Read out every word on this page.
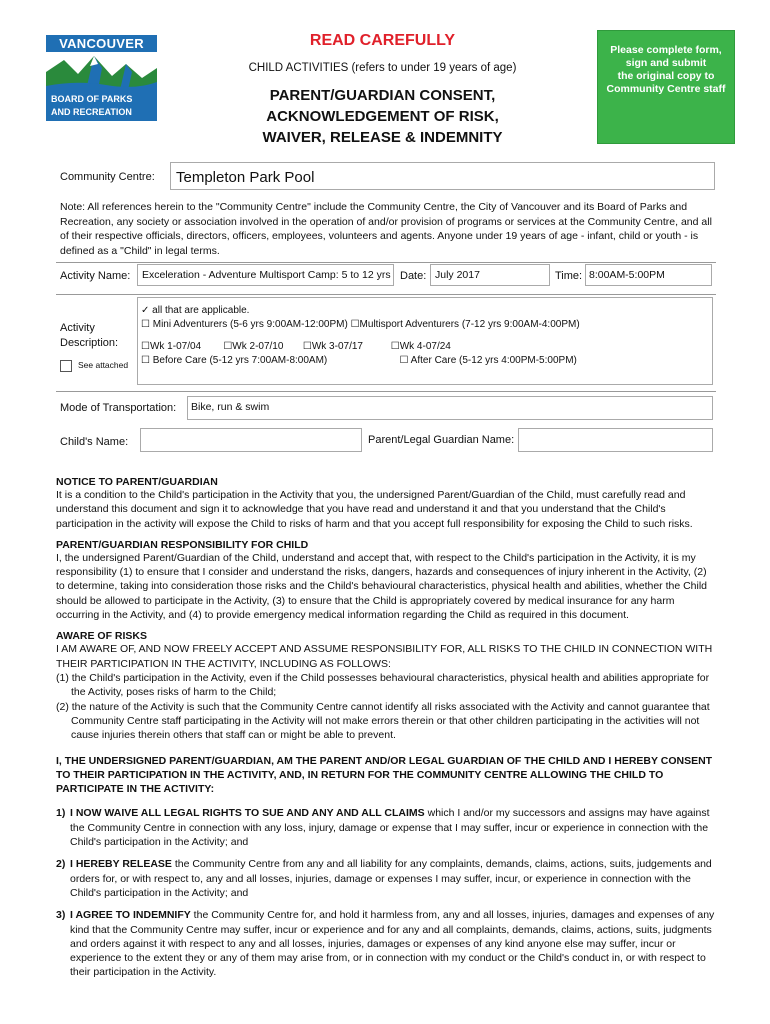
VANCOUVER
BOARD OF PARKS
AND RECREATION
READ CAREFULLY
CHILD ACTIVITIES (refers to under 19 years of age)
PARENT/GUARDIAN CONSENT,
ACKNOWLEDGEMENT OF RISK,
WAIVER, RELEASE & INDEMNITY
Please complete form,
sign and submit
the original copy to
Community Centre staff
Community Centre:	Templeton Park Pool
Note: All references herein to the "Community Centre" include the Community Centre, the City of Vancouver and its Board of Parks and Recreation, any society or association involved in the operation of and/or provision of programs or services at the Community Centre, and all of their respective officials, directors, officers, employees, volunteers and agents. Anyone under 19 years of age - infant, child or youth - is defined as a "Child" in legal terms.
Activity Name:	Exceleration - Adventure Multisport Camp: 5 to 12 yrs Date: July 2017	Time: 8:00AM-5:00PM
Activity
Description:
See attached
✓ all that are applicable.
☐ Mini Adventurers (5-6 yrs 9:00AM-12:00PM) ☐Multisport Adventurers (7-12 yrs 9:00AM-4:00PM)
☐Wk 1-07/04        ☐Wk 2-07/10       ☐Wk 3-07/17          ☐Wk 4-07/24
☐ Before Care (5-12 yrs 7:00AM-8:00AM)                          ☐ After Care (5-12 yrs 4:00PM-5:00PM)
Mode of Transportation:	Bike, run & swim
Child's Name:	Parent/Legal Guardian Name:
NOTICE TO PARENT/GUARDIAN
It is a condition to the Child's participation in the Activity that you, the undersigned Parent/Guardian of the Child, must carefully read and understand this document and sign it to acknowledge that you have read and understand it and that you understand that the Child's participation in the activity will expose the Child to risks of harm and that you accept full responsibility for exposing the Child to such risks.
PARENT/GUARDIAN RESPONSIBILITY FOR CHILD
I, the undersigned Parent/Guardian of the Child, understand and accept that, with respect to the Child's participation in the Activity, it is my responsibility (1) to ensure that I consider and understand the risks, dangers, hazards and consequences of injury inherent in the Activity, (2) to determine, taking into consideration those risks and the Child's behavioural characteristics, physical health and abilities, whether the Child should be allowed to participate in the Activity, (3) to ensure that the Child is appropriately covered by medical insurance for any harm occurring in the Activity, and (4) to provide emergency medical information regarding the Child as required in this document.
AWARE OF RISKS
I AM AWARE OF, AND NOW FREELY ACCEPT AND ASSUME RESPONSIBILITY FOR, ALL RISKS TO THE CHILD IN CONNECTION WITH THEIR PARTICIPATION IN THE ACTIVITY, INCLUDING AS FOLLOWS:
(1) the Child's participation in the Activity, even if the Child possesses behavioural characteristics, physical health and abilities appropriate for the Activity, poses risks of harm to the Child;
(2) the nature of the Activity is such that the Community Centre cannot identify all risks associated with the Activity and cannot guarantee that Community Centre staff participating in the Activity will not make errors therein or that other children participating in the activities will not cause injuries therein others that staff can or might be able to prevent.
I, THE UNDERSIGNED PARENT/GUARDIAN, AM THE PARENT AND/OR LEGAL GUARDIAN OF THE CHILD AND I HEREBY CONSENT TO THEIR PARTICIPATION IN THE ACTIVITY, AND, IN RETURN FOR THE COMMUNITY CENTRE ALLOWING THE CHILD TO PARTICIPATE IN THE ACTIVITY:
1) I NOW WAIVE ALL LEGAL RIGHTS TO SUE AND ANY AND ALL CLAIMS which I and/or my successors and assigns may have against the Community Centre in connection with any loss, injury, damage or expense that I may suffer, incur or experience in connection with the Child's participation in the Activity; and
2) I HEREBY RELEASE the Community Centre from any and all liability for any complaints, demands, claims, actions, suits, judgements and orders for, or with respect to, any and all losses, injuries, damage or expenses I may suffer, incur, or experience in connection with the Child's participation in the Activity; and
3) I AGREE TO INDEMNIFY the Community Centre for, and hold it harmless from, any and all losses, injuries, damages and expenses of any kind that the Community Centre may suffer, incur or experience and for any and all complaints, demands, claims, actions, suits, judgments and orders against it with respect to any and all losses, injuries, damages or expenses of any kind anyone else may suffer, incur or experience to the extent they or any of them may arise from, or in connection with my conduct or the Child's conduct in, or with respect to their participation in the Activity.
